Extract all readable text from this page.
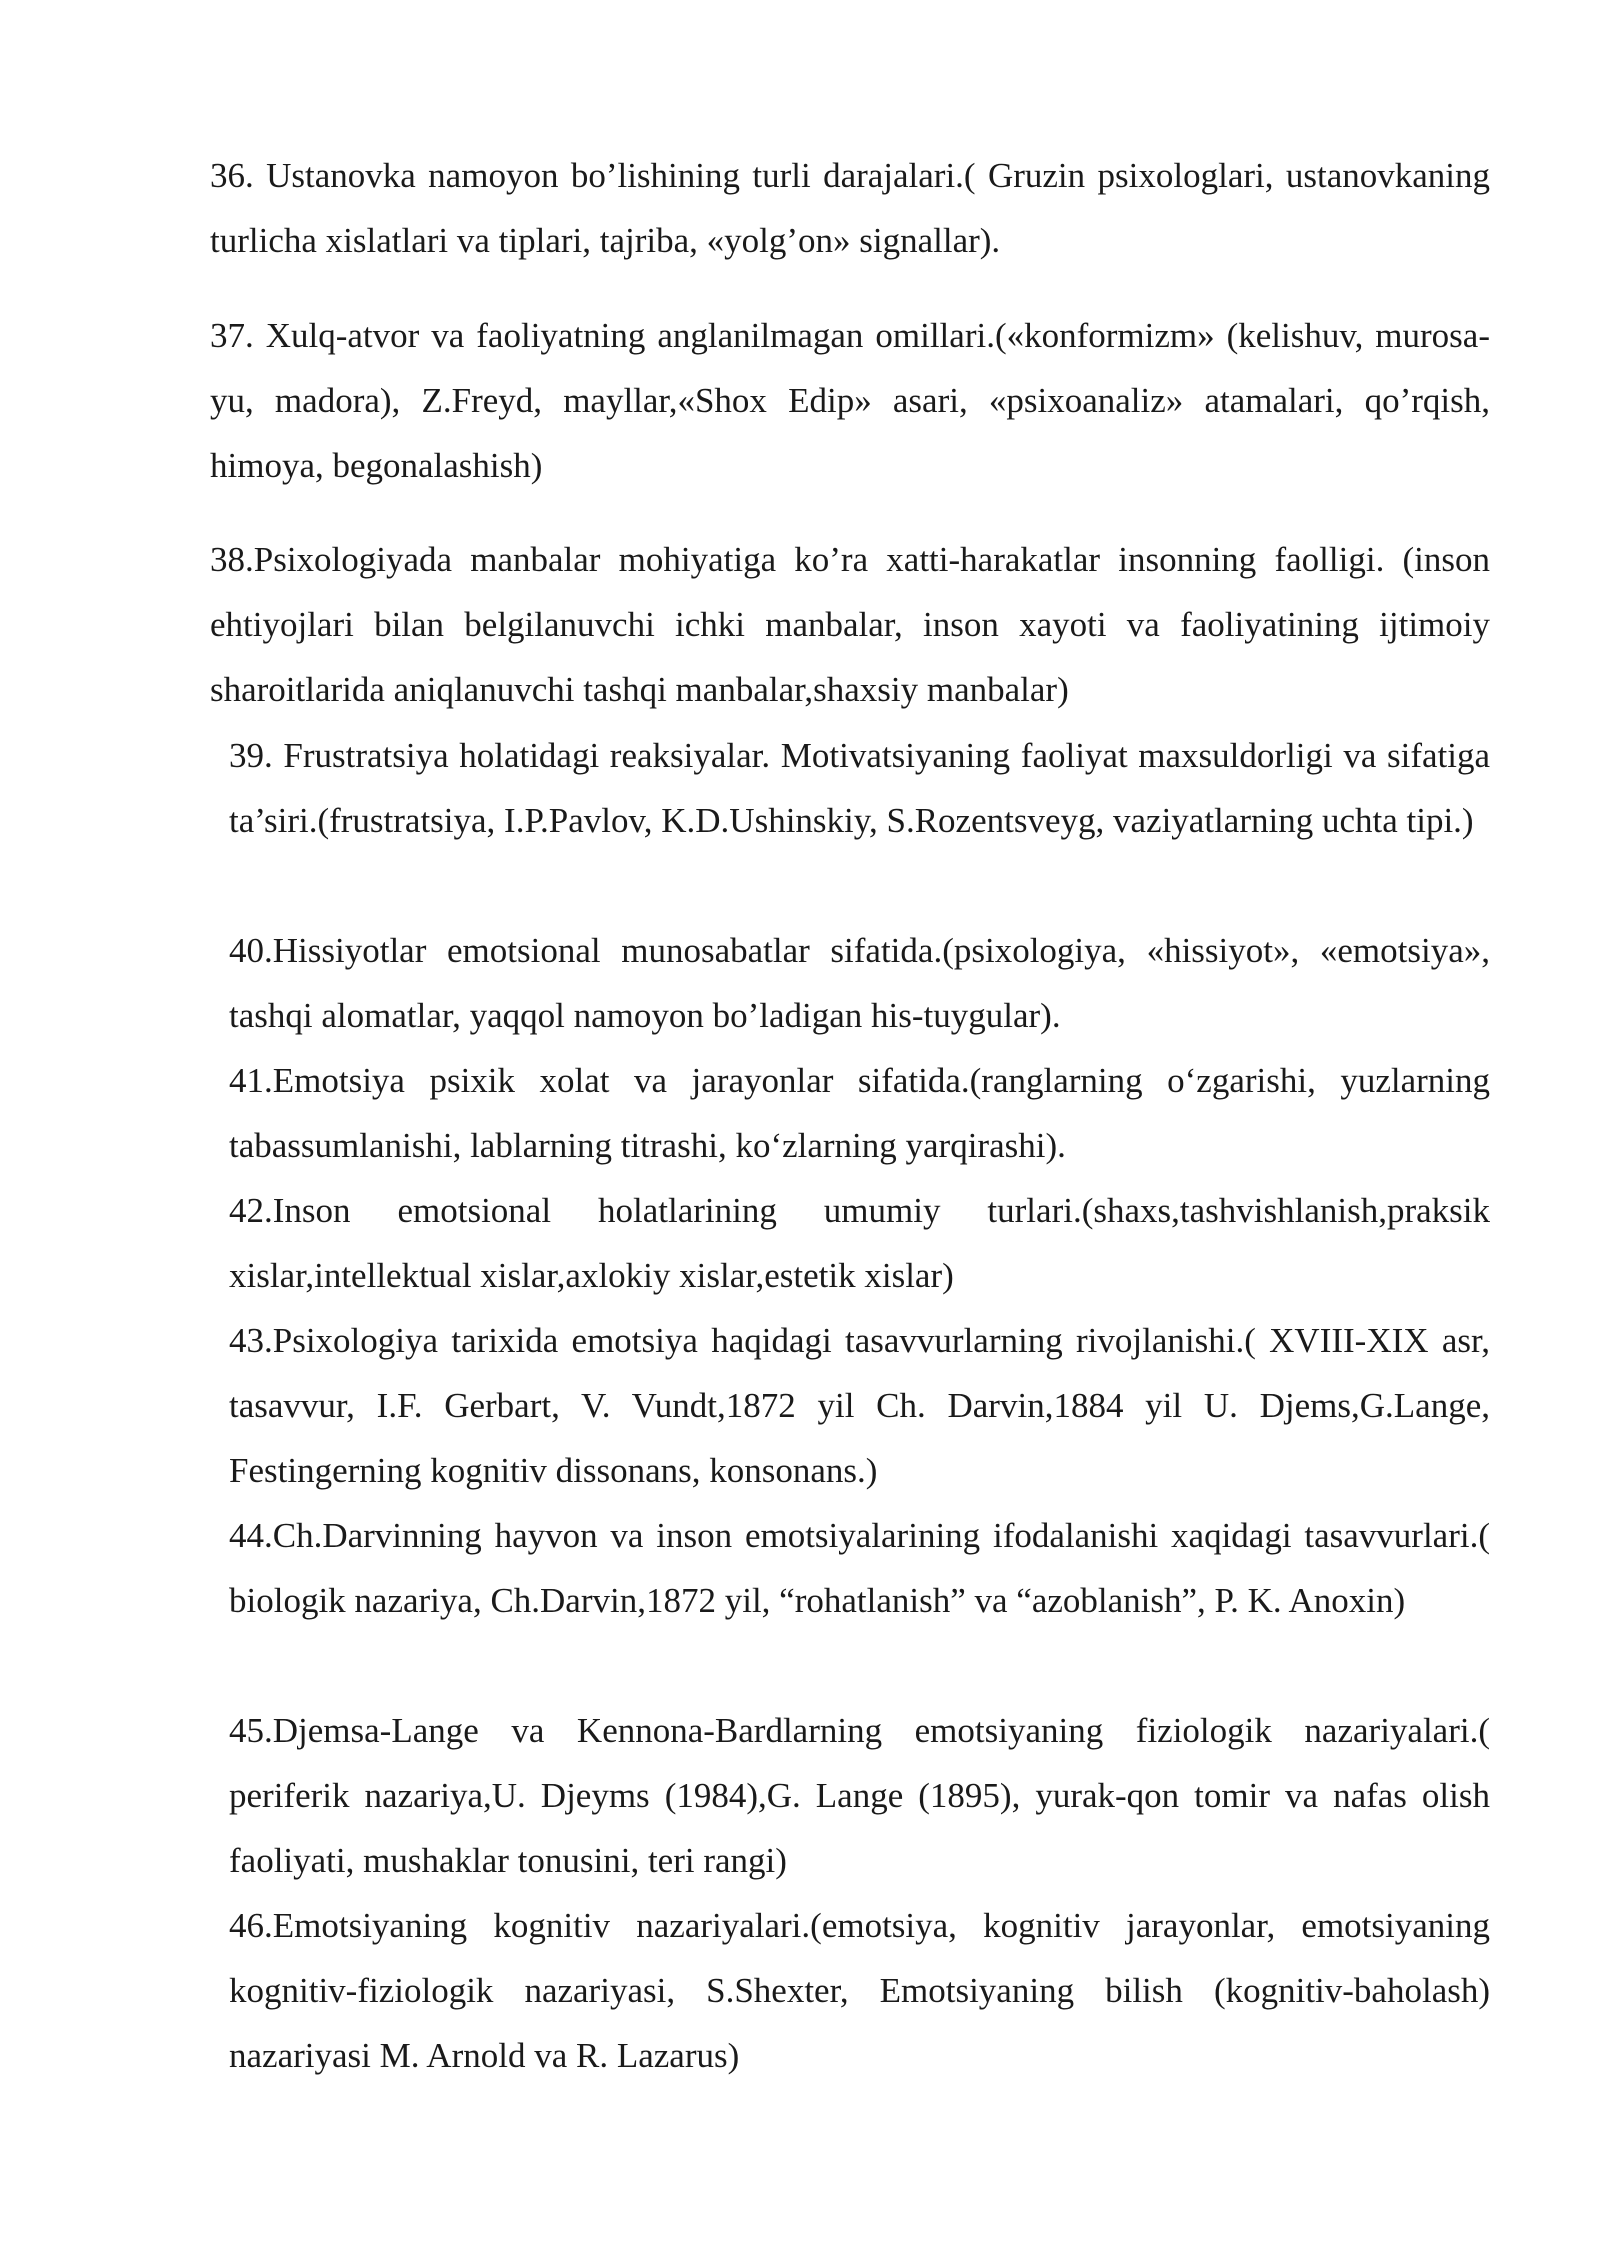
36. Ustanovka namoyon bo’lishining turli darajalari.( Gruzin psixologlari, ustanovkaning turlicha xislatlari va tiplari, tajriba, «yolg’on» signallar).

37. Xulq-atvor va faoliyatning anglanilmagan omillari.(«konformizm» (kelishuv, murosa-yu, madora), Z.Freyd, mayllar,«Shox Edip» asari, «psixoanaliz» atamalari, qo’rqish, himoya, begonalashish)

38.Psixologiyada manbalar mohiyatiga ko’ra xatti-harakatlar insonning faolligi. (inson ehtiyojlari bilan belgilanuvchi ichki manbalar, inson xayoti va faoliyatining ijtimoiy sharoitlarida aniqlanuvchi tashqi manbalar,shaxsiy manbalar)

39. Frustratsiya holatidagi reaksiyalar. Motivatsiyaning faoliyat maxsuldorligi va sifatiga ta’siri.(frustratsiya, I.P.Pavlov, K.D.Ushinskiy, S.Rozentsveyg, vaziyatlarning uchta tipi.)

40.Hissiyotlar emotsional munosabatlar sifatida.(psixologiya, «hissiyot», «emotsiya», tashqi alomatlar, yaqqol namoyon bo’ladigan his-tuygular).

41.Emotsiya psixik xolat va jarayonlar sifatida.(ranglarning o‘zgarishi, yuzlarning tabassumlanishi, lablarning titrashi, ko‘zlarning yarqirashi).

42.Inson emotsional holatlarining umumiy turlari.(shaxs,tashvishlanish,praksik xislar,intellektual xislar,axlokiy xislar,estetik xislar)

43.Psixologiya tarixida emotsiya haqidagi tasavvurlarning rivojlanishi.( XVIII-XIX asr, tasavvur, I.F. Gerbart, V. Vundt,1872 yil Ch. Darvin,1884 yil U. Djems,G.Lange, Festingerning kognitiv dissonans, konsonans.)

44.Ch.Darvinning hayvon va inson emotsiyalarining ifodalanishi xaqidagi tasavvurlari.( biologik nazariya, Ch.Darvin,1872 yil, “rohatlanish” va “azoblanish”, P. K. Anoxin)

45.Djemsa-Lange va Kennona-Bardlarning emotsiyaning fiziologik nazariyalari.( periferik nazariya,U. Djeyms (1984),G. Lange (1895), yurak-qon tomir va nafas olish faoliyati, mushaklar tonusini, teri rangi)

46.Emotsiyaning kognitiv nazariyalari.(emotsiya, kognitiv jarayonlar, emotsiyaning kognitiv-fiziologik nazariyasi, S.Shexter, Emotsiyaning bilish (kognitiv-baholash) nazariyasi M. Arnold va R. Lazarus)
